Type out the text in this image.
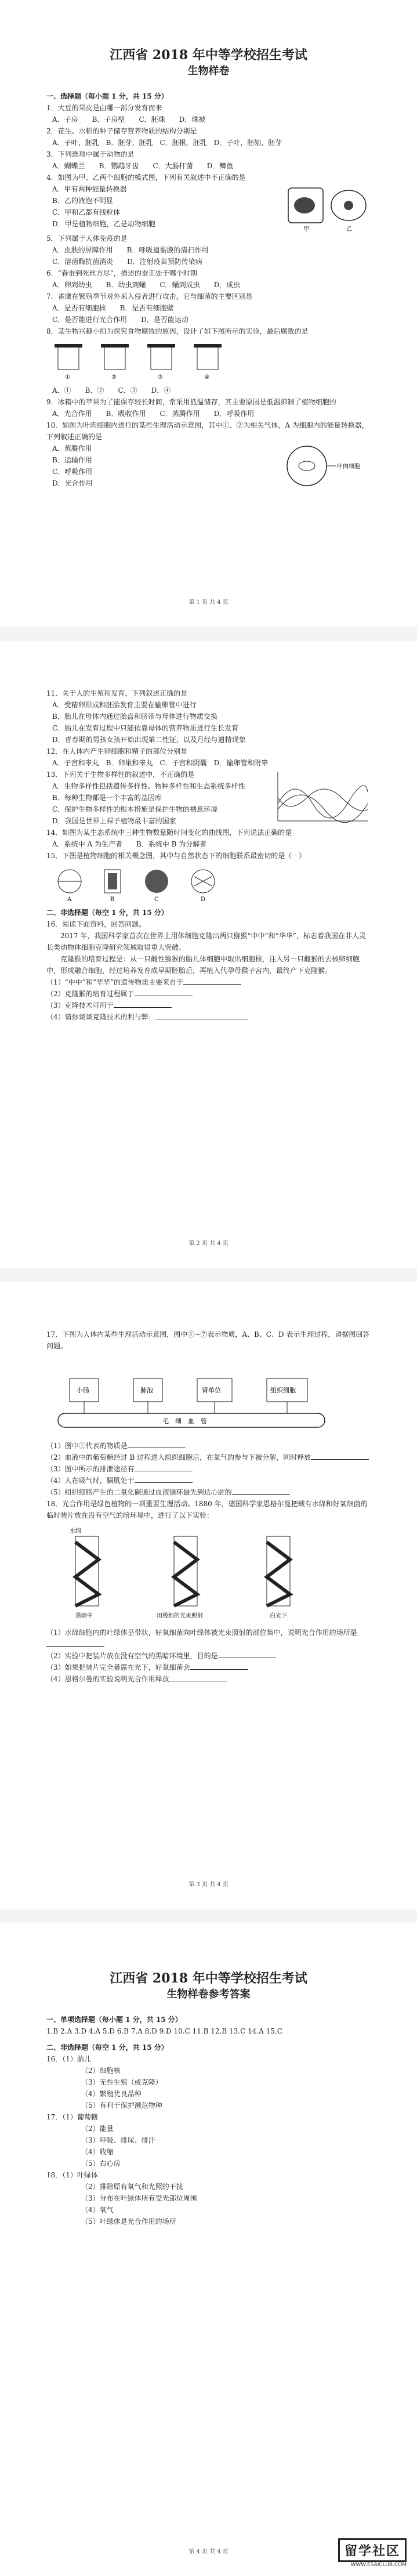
江西省 2018 年中等学校招生考试
生物样卷
一、选择题（每小题 1 分，共 15 分）

1．大豆的果皮是由哪一部分发育而来

A．子房　　B．子房壁　　C．胚珠　　D．珠被

2．花生、水稻的种子储存营养物质的结构分别是

A．子叶，胚乳　B．胚芽，胚乳　C．胚根，胚乳　D．子叶，胚轴、胚芽

3．下列选项中属于动物的是

A．蝴蝶兰　　B．鹦鹉牙齿　　C．大肠杆菌　　D．鲫鱼

4．如图为甲、乙两个细胞的模式图，下列有关叙述中不正确的是

A．甲有两种能量转换器

B．乙的液泡不明显

C．甲和乙都有线粒体

D．甲是植物细胞，乙是动物细胞

甲	乙

5．下列属于人体免疫的是

A．皮肤的屏障作用　　B．呼吸道黏膜的清扫作用

C．溶菌酶抗菌消炎　　D．注射疫苗预防传染病

6．“春蚕到死丝方尽”，描述的蚕正处于哪个时期

A．卵到幼虫　　B．幼虫到蛹　　C．蛹到成虫　　D．成虫

7．雀鹰在繁殖季节对外来入侵者进行攻击，它与细菌的主要区别是

A．是否有细胞核　　B．是否有细胞壁

C．是否能进行光合作用　　D．是否能运动

8．某生物兴趣小组为探究食物腐败的原因，设计了如下图所示的实验，最后腐败的是

①	②	③	④

A．①　　B．②　　C．③　　D．④

9．冰箱中的苹果为了能保存较长时间，常采用低温储存，其主要原因是低温抑制了植物细胞的

A．光合作用　　B．吸收作用　　C．蒸腾作用　　D．呼吸作用

10．如图为叶肉细胞内进行的某些生理活动示意图，其中①、②为相关气体，A 为细胞内的能量转换器，下列叙述正确的是

A．蒸腾作用

B．运输作用

C．呼吸作用

D．光合作用

叶肉细胞
第 1 页 共 4 页

11．关于人的生殖和发育，下列叙述正确的是

A．受精卵形成和胚胎发育主要在输卵管中进行

B．胎儿在母体内通过胎盘和脐带与母体进行物质交换

C．胎儿在发育过程中只能依靠母体的营养物质进行生长发育

D．青春期的男孩女孩开始出现第二性征，以及月经与遗精现象

12．在人体内产生卵细胞和精子的部位分别是

A．子宫和睾丸　B．卵巢和睾丸　C．子宫和阴囊　D．输卵管和附睾

13．下列关于生物多样性的叙述中，不正确的是

A．生物多样性包括遗传多样性、物种多样性和生态系统多样性

B．每种生物都是一个丰富的基因库

C．保护生物多样性的根本措施是保护生物的栖息环境

D．我国是世界上裸子植物最丰富的国家

14．如图为某生态系统中三种生物数量随时间变化的曲线图，下列说法正确的是

A．系统中 A 为生产者　　B．系统中 B 为分解者

15．下图是植物细胞的相关概念图，其中与自然状态下的细胞联系最密切的是（　）

A	B	C	D
二、非选择题（每空 1 分，共 15 分）

16．阅读下面资料，回答问题。

2017 年，我国科学家首次在世界上用体细胞克隆出两只猕猴“中中”和“华华”，标志着我国在非人灵长类动物体细胞克隆研究领域取得重大突破。

克隆猴的培育过程是：从一只雌性猕猴的胎儿体细胞中取出细胞核，注入另一只雌猴的去核卵细胞中，形成融合细胞，经过培养发育成早期胚胎后，再植入代孕母猴子宫内，最终产下克隆猴。

（1）“中中”和“华华”的遗传物质主要来自于

（2）克隆猴的培育过程属于

（3）克隆技术可用于

（4）请你谈谈克隆技术的利与弊：

第 2 页 共 4 页

17．下图为人体内某些生理活动示意图，图中①~⑦表示物质，A、B、C、D 表示生理过程，请据图回答问题。

毛　细　血　管
小肠	肺泡	肾单位	组织细胞

（1）图中①代表的物质是

（2）血液中的葡萄糖经过 B 过程进入组织细胞后，在氧气的参与下被分解，同时释放

（3）图中所示的排泄途径有

（4）人在吸气时，膈肌处于

（5）组织细胞产生的二氧化碳通过血液循环最先到达心脏的

18．光合作用是绿色植物的一项重要生理活动。1880 年，德国科学家恩格尔曼把载有水绵和好氧细菌的临时装片放在没有空气的暗环境中，进行了以下实验：

水绵
黑暗中	用极细的光束照射	白光下

（1）水绵细胞内的叶绿体呈带状，好氧细菌向叶绿体被光束照射的部位集中，说明光合作用的场所是

（2）实验中把装片放在没有空气的黑暗环境里，目的是

（3）如果把装片完全暴露在光下，好氧细菌会

（4）恩格尔曼的实验说明光合作用释放

第 3 页 共 4 页
江西省 2018 年中等学校招生考试
生物样卷参考答案
一、单项选择题（每小题 1 分，共 15 分）

1.B 2.A 3.D 4.A 5.D 6.B 7.A 8.D 9.D 10.C 11.B 12.B 13.C 14.A 15.C

二、非选择题（每空 1 分，共 15 分）

16．（1）胎儿

（2）细胞核

（3）无性生殖（或克隆）

（4）繁殖优良品种

（5）有利于保护濒危物种

17．（1）葡萄糖

（2）能量

（3）呼吸、排尿、排汗

（4）收缩

（5）右心房

18．（1）叶绿体

（2）排除原有氧气和光照的干扰

（3）分布在叶绿体所有受光部位周围

（4）氧气

（5）叶绿体是光合作用的场所

第 4 页 共 4 页	留学社区
WWW.ESAICLUB.COM
